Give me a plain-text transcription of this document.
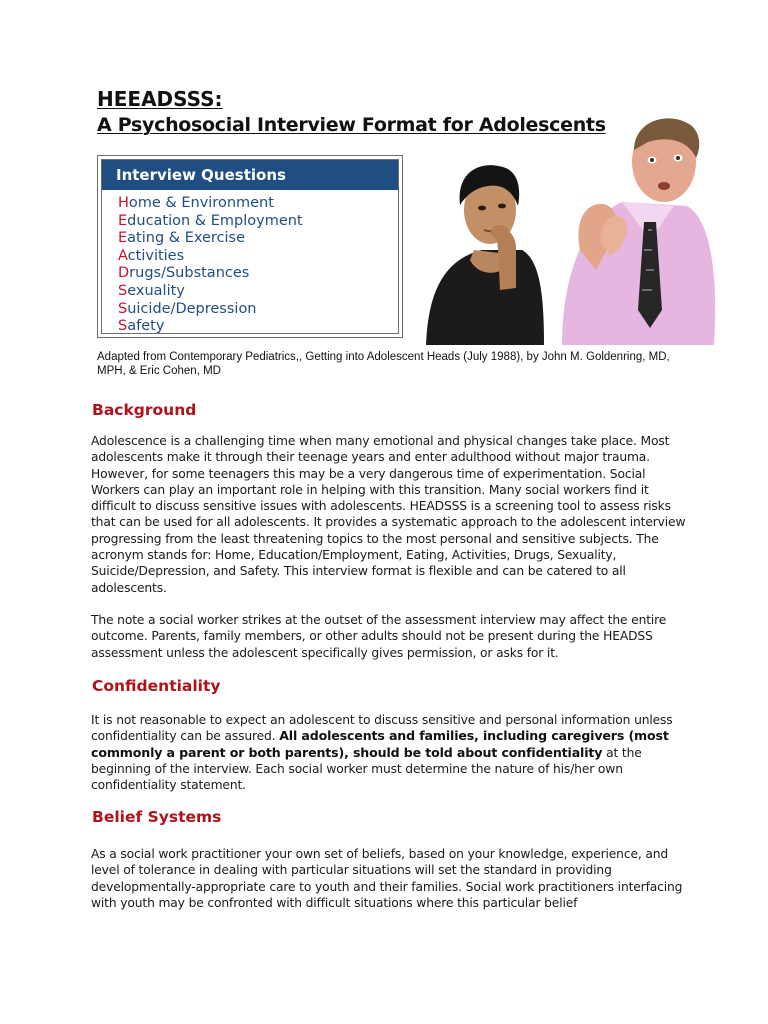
HEEADSSS:
A Psychosocial Interview Format for Adolescents
Interview Questions
Home & Environment
Education & Employment
Eating & Exercise
Activities
Drugs/Substances
Sexuality
Suicide/Depression
Safety
Adapted from Contemporary Pediatrics,, Getting into Adolescent Heads (July 1988), by John M. Goldenring, MD, MPH, & Eric Cohen, MD
Background

Adolescence is a challenging time when many emotional and physical changes take place. Most adolescents make it through their teenage years and enter adulthood without major trauma. However, for some teenagers this may be a very dangerous time of experimentation. Social Workers can play an important role in helping with this transition. Many social workers find it difficult to discuss sensitive issues with adolescents. HEADSSS is a screening tool to assess risks that can be used for all adolescents. It provides a systematic approach to the adolescent interview progressing from the least threatening topics to the most personal and sensitive subjects. The acronym stands for: Home, Education/Employment, Eating, Activities, Drugs, Sexuality, Suicide/Depression, and Safety. This interview format is flexible and can be catered to all adolescents.

The note a social worker strikes at the outset of the assessment interview may affect the entire outcome. Parents, family members, or other adults should not be present during the HEADSS assessment unless the adolescent specifically gives permission, or asks for it.

Confidentiality

It is not reasonable to expect an adolescent to discuss sensitive and personal information unless confidentiality can be assured. All adolescents and families, including caregivers (most commonly a parent or both parents), should be told about confidentiality at the beginning of the interview. Each social worker must determine the nature of his/her own confidentiality statement.

Belief Systems

As a social work practitioner your own set of beliefs, based on your knowledge, experience, and level of tolerance in dealing with particular situations will set the standard in providing developmentally-appropriate care to youth and their families. Social work practitioners interfacing with youth may be confronted with difficult situations where this particular belief
